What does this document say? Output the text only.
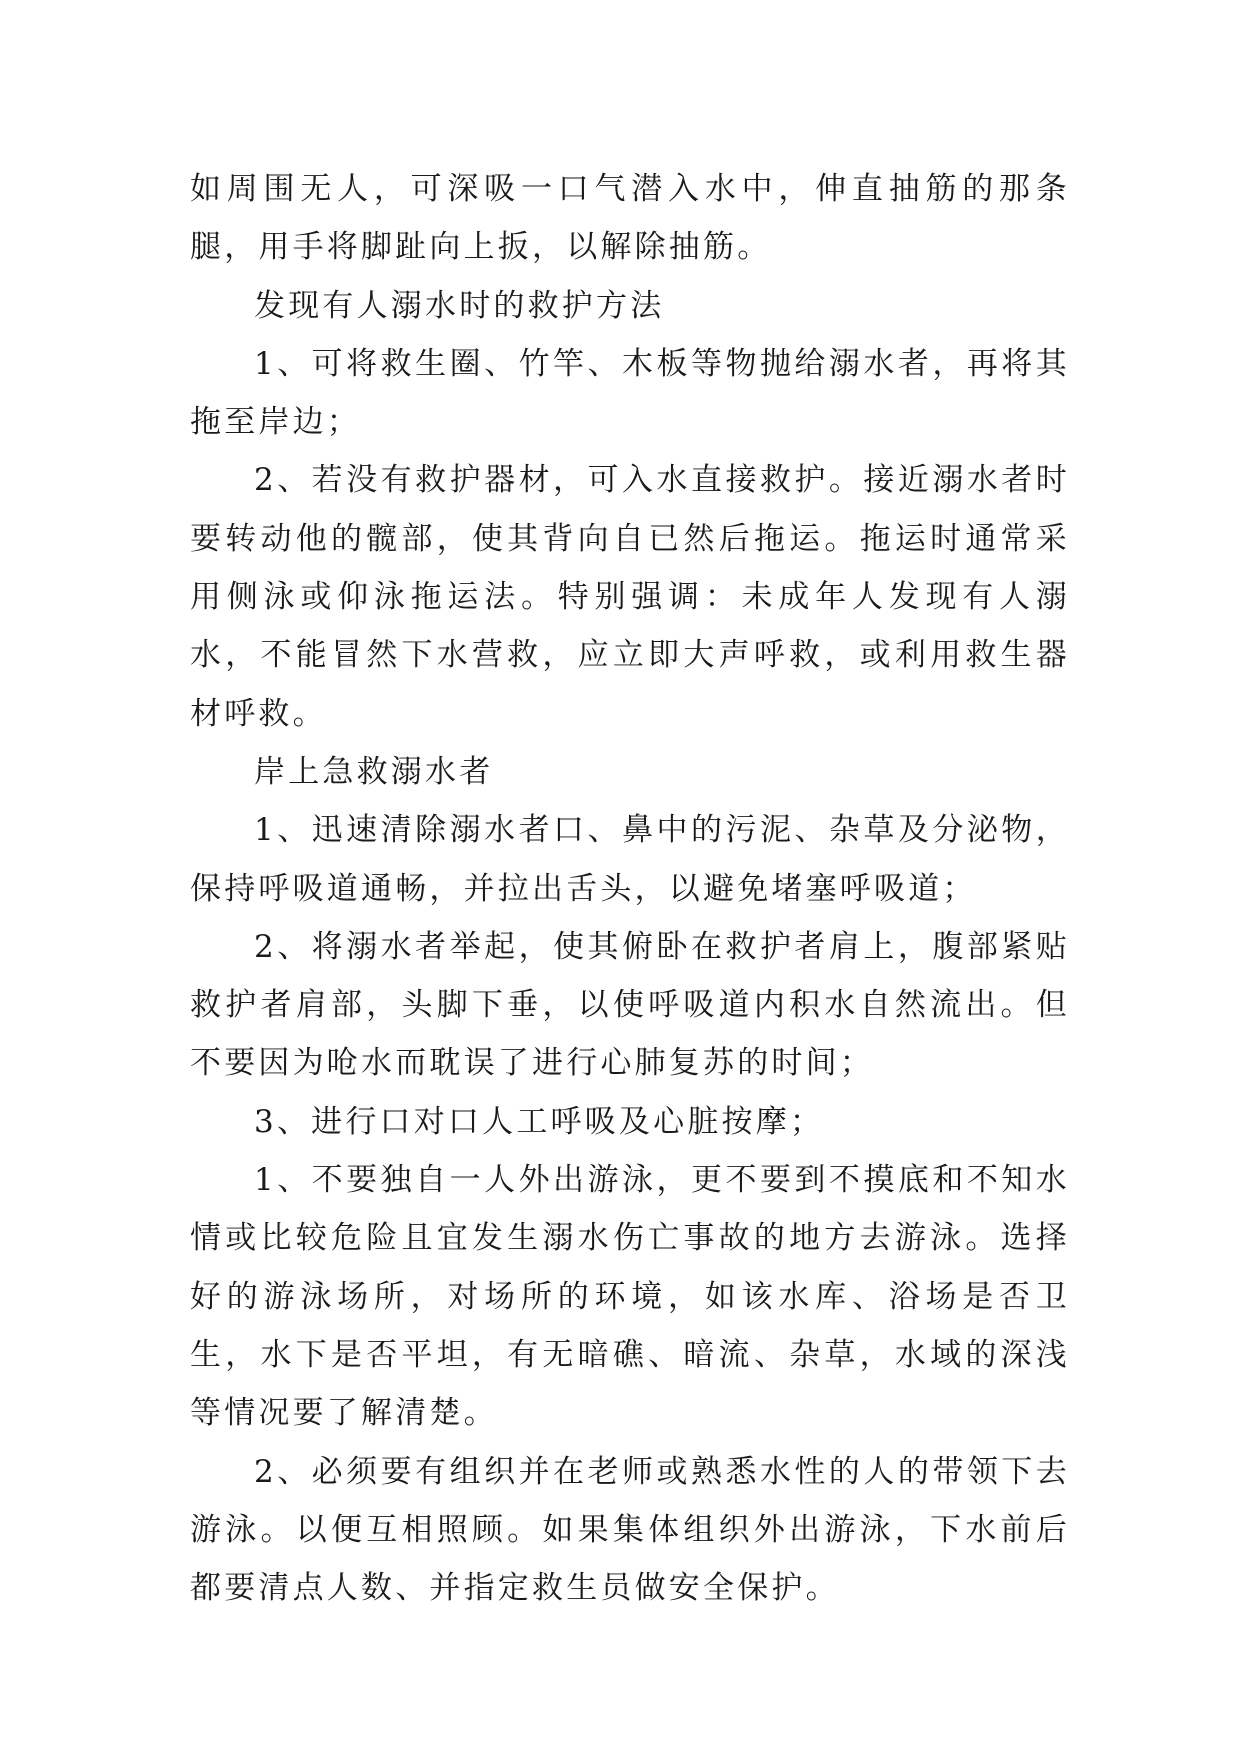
如周围无人，可深吸一口气潜入水中，伸直抽筋的那条腿，用手将脚趾向上扳，以解除抽筋。

发现有人溺水时的救护方法

1、可将救生圈、竹竿、木板等物抛给溺水者，再将其拖至岸边；

2、若没有救护器材，可入水直接救护。接近溺水者时要转动他的髋部，使其背向自已然后拖运。拖运时通常采用侧泳或仰泳拖运法。特别强调：未成年人发现有人溺水，不能冒然下水营救，应立即大声呼救，或利用救生器材呼救。

岸上急救溺水者

1、迅速清除溺水者口、鼻中的污泥、杂草及分泌物，保持呼吸道通畅，并拉出舌头，以避免堵塞呼吸道；

2、将溺水者举起，使其俯卧在救护者肩上，腹部紧贴救护者肩部，头脚下垂，以使呼吸道内积水自然流出。但不要因为呛水而耽误了进行心肺复苏的时间；

3、进行口对口人工呼吸及心脏按摩；

1、不要独自一人外出游泳，更不要到不摸底和不知水情或比较危险且宜发生溺水伤亡事故的地方去游泳。选择好的游泳场所，对场所的环境，如该水库、浴场是否卫生，水下是否平坦，有无暗礁、暗流、杂草，水域的深浅等情况要了解清楚。

2、必须要有组织并在老师或熟悉水性的人的带领下去游泳。以便互相照顾。如果集体组织外出游泳，下水前后都要清点人数、并指定救生员做安全保护。
